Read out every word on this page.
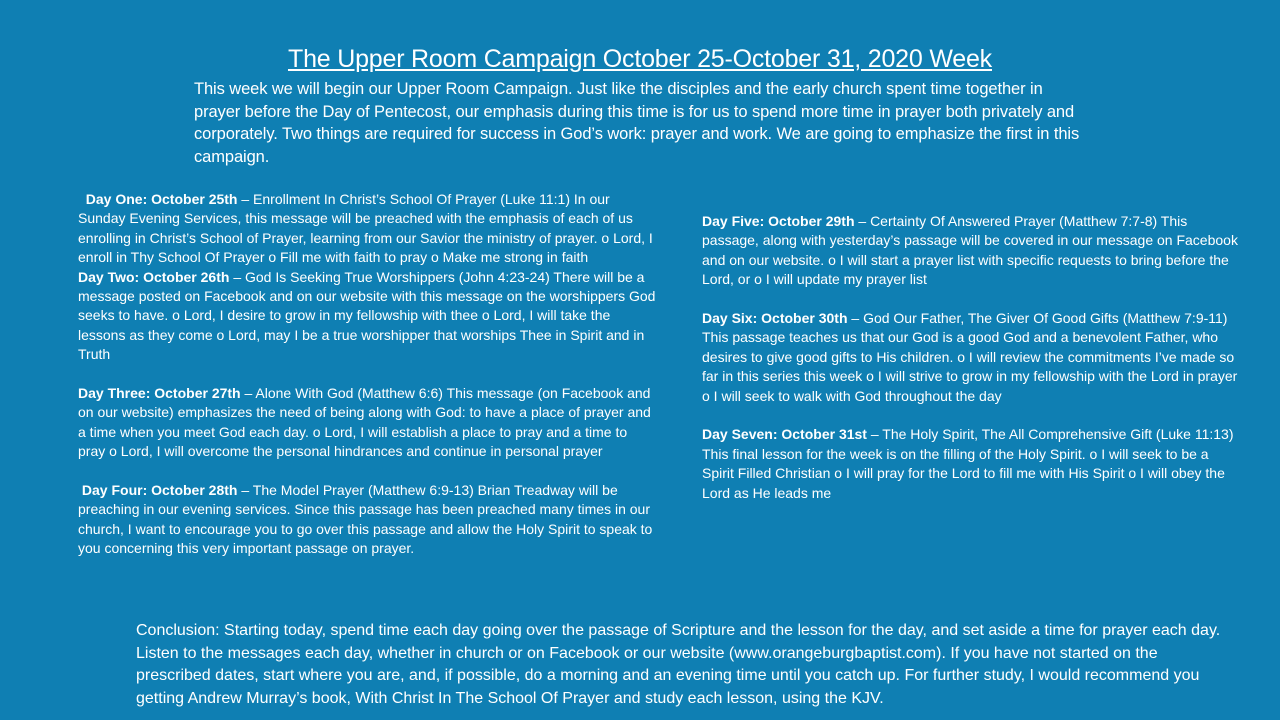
The Upper Room Campaign October 25-October 31, 2020 Week
This week we will begin our Upper Room Campaign. Just like the disciples and the early church spent time together in prayer before the Day of Pentecost, our emphasis during this time is for us to spend more time in prayer both privately and corporately. Two things are required for success in God’s work: prayer and work. We are going to emphasize the first in this campaign.

Day One: October 25th – Enrollment In Christ’s School Of Prayer (Luke 11:1) In our Sunday Evening Services, this message will be preached with the emphasis of each of us enrolling in Christ’s School of Prayer, learning from our Savior the ministry of prayer. o Lord, I enroll in Thy School Of Prayer o Fill me with faith to pray o Make me strong in faith

Day Two: October 26th – God Is Seeking True Worshippers (John 4:23-24) There will be a message posted on Facebook and on our website with this message on the worshippers God seeks to have. o Lord, I desire to grow in my fellowship with thee o Lord, I will take the lessons as they come o Lord, may I be a true worshipper that worships Thee in Spirit and in Truth

Day Three: October 27th – Alone With God (Matthew 6:6) This message (on Facebook and on our website) emphasizes the need of being along with God: to have a place of prayer and a time when you meet God each day. o Lord, I will establish a place to pray and a time to pray o Lord, I will overcome the personal hindrances and continue in personal prayer

Day Four: October 28th – The Model Prayer (Matthew 6:9-13) Brian Treadway will be preaching in our evening services. Since this passage has been preached many times in our church, I want to encourage you to go over this passage and allow the Holy Spirit to speak to you concerning this very important passage on prayer.

Day Five: October 29th – Certainty Of Answered Prayer (Matthew 7:7-8) This passage, along with yesterday’s passage will be covered in our message on Facebook and on our website. o I will start a prayer list with specific requests to bring before the Lord, or o I will update my prayer list

Day Six: October 30th – God Our Father, The Giver Of Good Gifts (Matthew 7:9-11) This passage teaches us that our God is a good God and a benevolent Father, who desires to give good gifts to His children. o I will review the commitments I’ve made so far in this series this week o I will strive to grow in my fellowship with the Lord in prayer o I will seek to walk with God throughout the day

Day Seven: October 31st – The Holy Spirit, The All Comprehensive Gift (Luke 11:13) This final lesson for the week is on the filling of the Holy Spirit. o I will seek to be a Spirit Filled Christian o I will pray for the Lord to fill me with His Spirit o I will obey the Lord as He leads me

Conclusion: Starting today, spend time each day going over the passage of Scripture and the lesson for the day, and set aside a time for prayer each day. Listen to the messages each day, whether in church or on Facebook or our website (www.orangeburgbaptist.com). If you have not started on the prescribed dates, start where you are, and, if possible, do a morning and an evening time until you catch up. For further study, I would recommend you getting Andrew Murray’s book, With Christ In The School Of Prayer and study each lesson, using the KJV.
